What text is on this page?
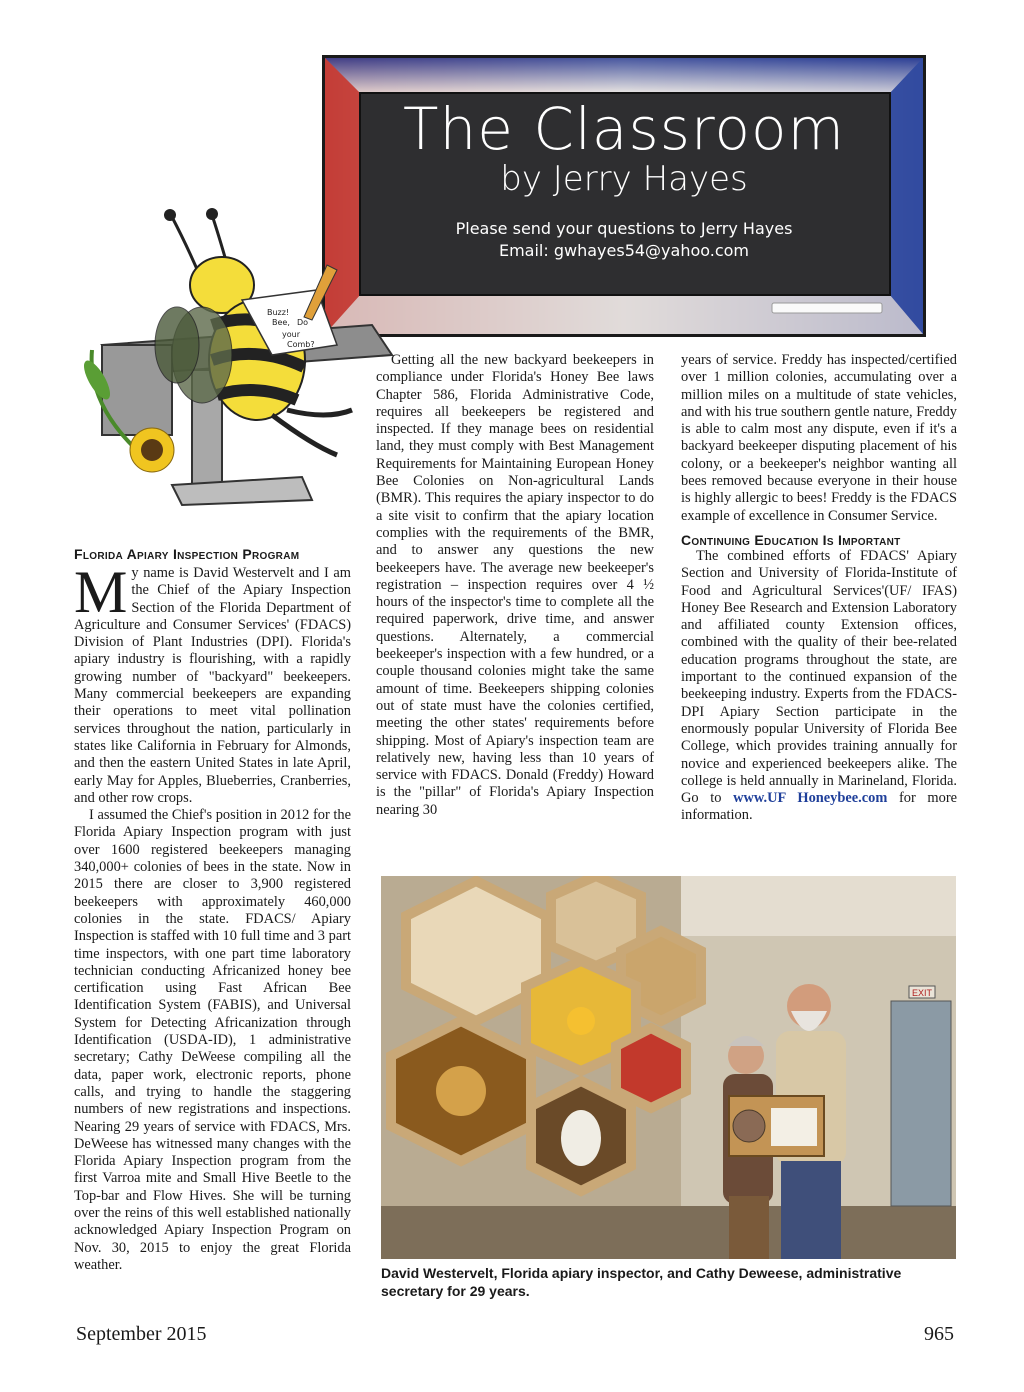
The Classroom
by Jerry Hayes
Please send your questions to Jerry Hayes
Email: gwhayes54@yahoo.com
Buzz!
Bee, Do
your
Comb?
Florida Apiary Inspection Program

My name is David Westervelt and I am the Chief of the Apiary Inspection Section of the Florida Department of Agriculture and Consumer Services' (FDACS) Division of Plant Industries (DPI). Florida's apiary industry is flourishing, with a rapidly growing number of "backyard" beekeepers. Many commercial beekeepers are expanding their operations to meet vital pollination services throughout the nation, particularly in states like California in February for Almonds, and then the eastern United States in late April, early May for Apples, Blueberries, Cranberries, and other row crops.

I assumed the Chief's position in 2012 for the Florida Apiary Inspection program with just over 1600 registered beekeepers managing 340,000+ colonies of bees in the state. Now in 2015 there are closer to 3,900 registered beekeepers with approximately 460,000 colonies in the state. FDACS/ Apiary Inspection is staffed with 10 full time and 3 part time inspectors, with one part time laboratory technician conducting Africanized honey bee certification using Fast African Bee Identification System (FABIS), and Universal System for Detecting Africanization through Identification (USDA-ID), 1 administrative secretary; Cathy DeWeese compiling all the data, paper work, electronic reports, phone calls, and trying to handle the staggering numbers of new registrations and inspections. Nearing 29 years of service with FDACS, Mrs. DeWeese has witnessed many changes with the Florida Apiary Inspection program from the first Varroa mite and Small Hive Beetle to the Top-bar and Flow Hives. She will be turning over the reins of this well established nationally acknowledged Apiary Inspection Program on Nov. 30, 2015 to enjoy the great Florida weather.

Getting all the new backyard beekeepers in compliance under Florida's Honey Bee laws Chapter 586, Florida Administrative Code, requires all beekeepers be registered and inspected. If they manage bees on residential land, they must comply with Best Management Requirements for Maintaining European Honey Bee Colonies on Non-agricultural Lands (BMR). This requires the apiary inspector to do a site visit to confirm that the apiary location complies with the requirements of the BMR, and to answer any questions the new beekeepers have. The average new beekeeper's registration – inspection requires over 4 ½ hours of the inspector's time to complete all the required paperwork, drive time, and answer questions. Alternately, a commercial beekeeper's inspection with a few hundred, or a couple thousand colonies might take the same amount of time. Beekeepers shipping colonies out of state must have the colonies certified, meeting the other states' requirements before shipping. Most of Apiary's inspection team are relatively new, having less than 10 years of service with FDACS. Donald (Freddy) Howard is the "pillar" of Florida's Apiary Inspection nearing 30

years of service. Freddy has inspected/certified over 1 million colonies, accumulating over a million miles on a multitude of state vehicles, and with his true southern gentle nature, Freddy is able to calm most any dispute, even if it's a backyard beekeeper disputing placement of his colony, or a beekeeper's neighbor wanting all bees removed because everyone in their house is highly allergic to bees! Freddy is the FDACS example of excellence in Consumer Service.

Continuing Education Is Important

The combined efforts of FDACS' Apiary Section and University of Florida-Institute of Food and Agricultural Services'(UF/ IFAS) Honey Bee Research and Extension Laboratory and affiliated county Extension offices, combined with the quality of their bee-related education programs throughout the state, are important to the continued expansion of the beekeeping industry. Experts from the FDACS-DPI Apiary Section participate in the enormously popular University of Florida Bee College, which provides training annually for novice and experienced beekeepers alike. The college is held annually in Marineland, Florida. Go to www.UF Honeybee.com for more information.

EXIT
David Westervelt, Florida apiary inspector, and Cathy Deweese, administrative secretary for 29 years.
September 2015	965
